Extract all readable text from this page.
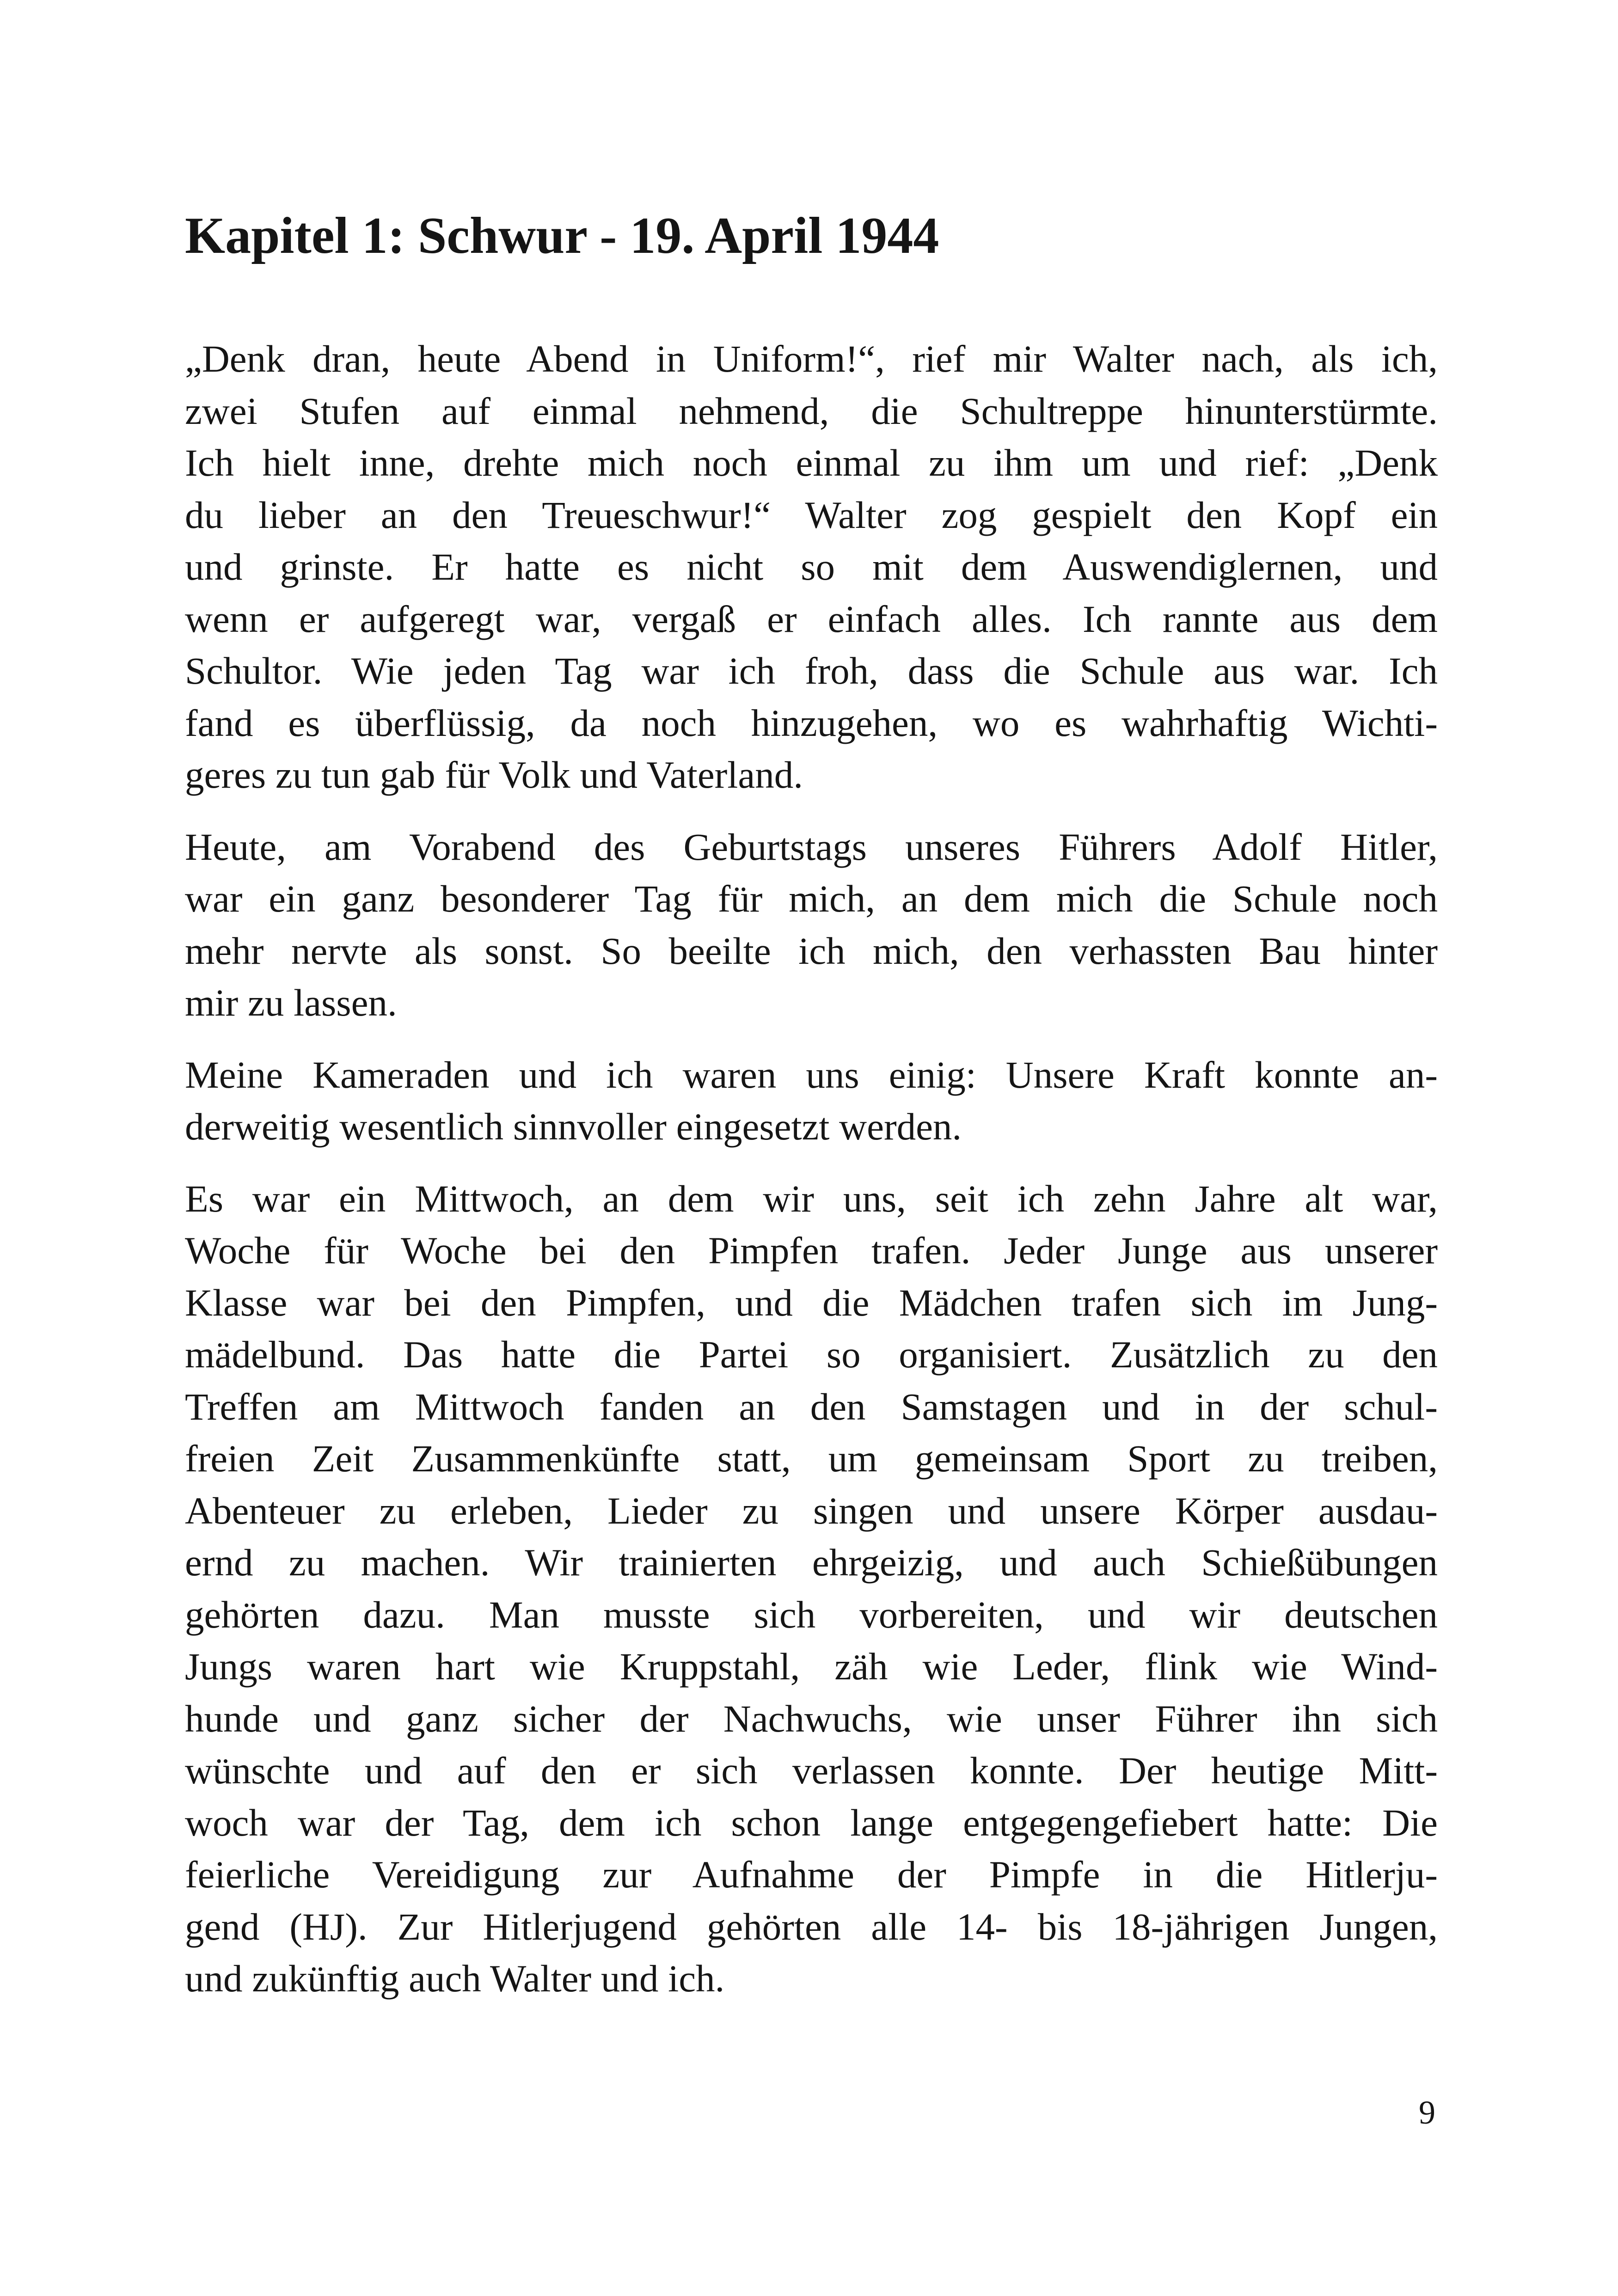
Kapitel 1: Schwur - 19. April 1944

„Denk dran, heute Abend in Uniform!“, rief mir Walter nach, als ich,
zwei Stufen auf einmal nehmend, die Schultreppe hinunterstürmte.
Ich hielt inne, drehte mich noch einmal zu ihm um und rief: „Denk
du lieber an den Treueschwur!“ Walter zog gespielt den Kopf ein
und grinste. Er hatte es nicht so mit dem Auswendiglernen, und
wenn er aufgeregt war, vergaß er einfach alles. Ich rannte aus dem
Schultor. Wie jeden Tag war ich froh, dass die Schule aus war. Ich
fand es überflüssig, da noch hinzugehen, wo es wahrhaftig Wichti-
geres zu tun gab für Volk und Vaterland.

Heute, am Vorabend des Geburtstags unseres Führers Adolf Hitler,
war ein ganz besonderer Tag für mich, an dem mich die Schule noch
mehr nervte als sonst. So beeilte ich mich, den verhassten Bau hinter
mir zu lassen.

Meine Kameraden und ich waren uns einig: Unsere Kraft konnte an-
derweitig wesentlich sinnvoller eingesetzt werden.

Es war ein Mittwoch, an dem wir uns, seit ich zehn Jahre alt war,
Woche für Woche bei den Pimpfen trafen. Jeder Junge aus unserer
Klasse war bei den Pimpfen, und die Mädchen trafen sich im Jung-
mädelbund. Das hatte die Partei so organisiert. Zusätzlich zu den
Treffen am Mittwoch fanden an den Samstagen und in der schul-
freien Zeit Zusammenkünfte statt, um gemeinsam Sport zu treiben,
Abenteuer zu erleben, Lieder zu singen und unsere Körper ausdau-
ernd zu machen. Wir trainierten ehrgeizig, und auch Schießübungen
gehörten dazu. Man musste sich vorbereiten, und wir deutschen
Jungs waren hart wie Kruppstahl, zäh wie Leder, flink wie Wind-
hunde und ganz sicher der Nachwuchs, wie unser Führer ihn sich
wünschte und auf den er sich verlassen konnte. Der heutige Mitt-
woch war der Tag, dem ich schon lange entgegengefiebert hatte: Die
feierliche Vereidigung zur Aufnahme der Pimpfe in die Hitlerju-
gend (HJ). Zur Hitlerjugend gehörten alle 14- bis 18-jährigen Jungen,
und zukünftig auch Walter und ich.

9
